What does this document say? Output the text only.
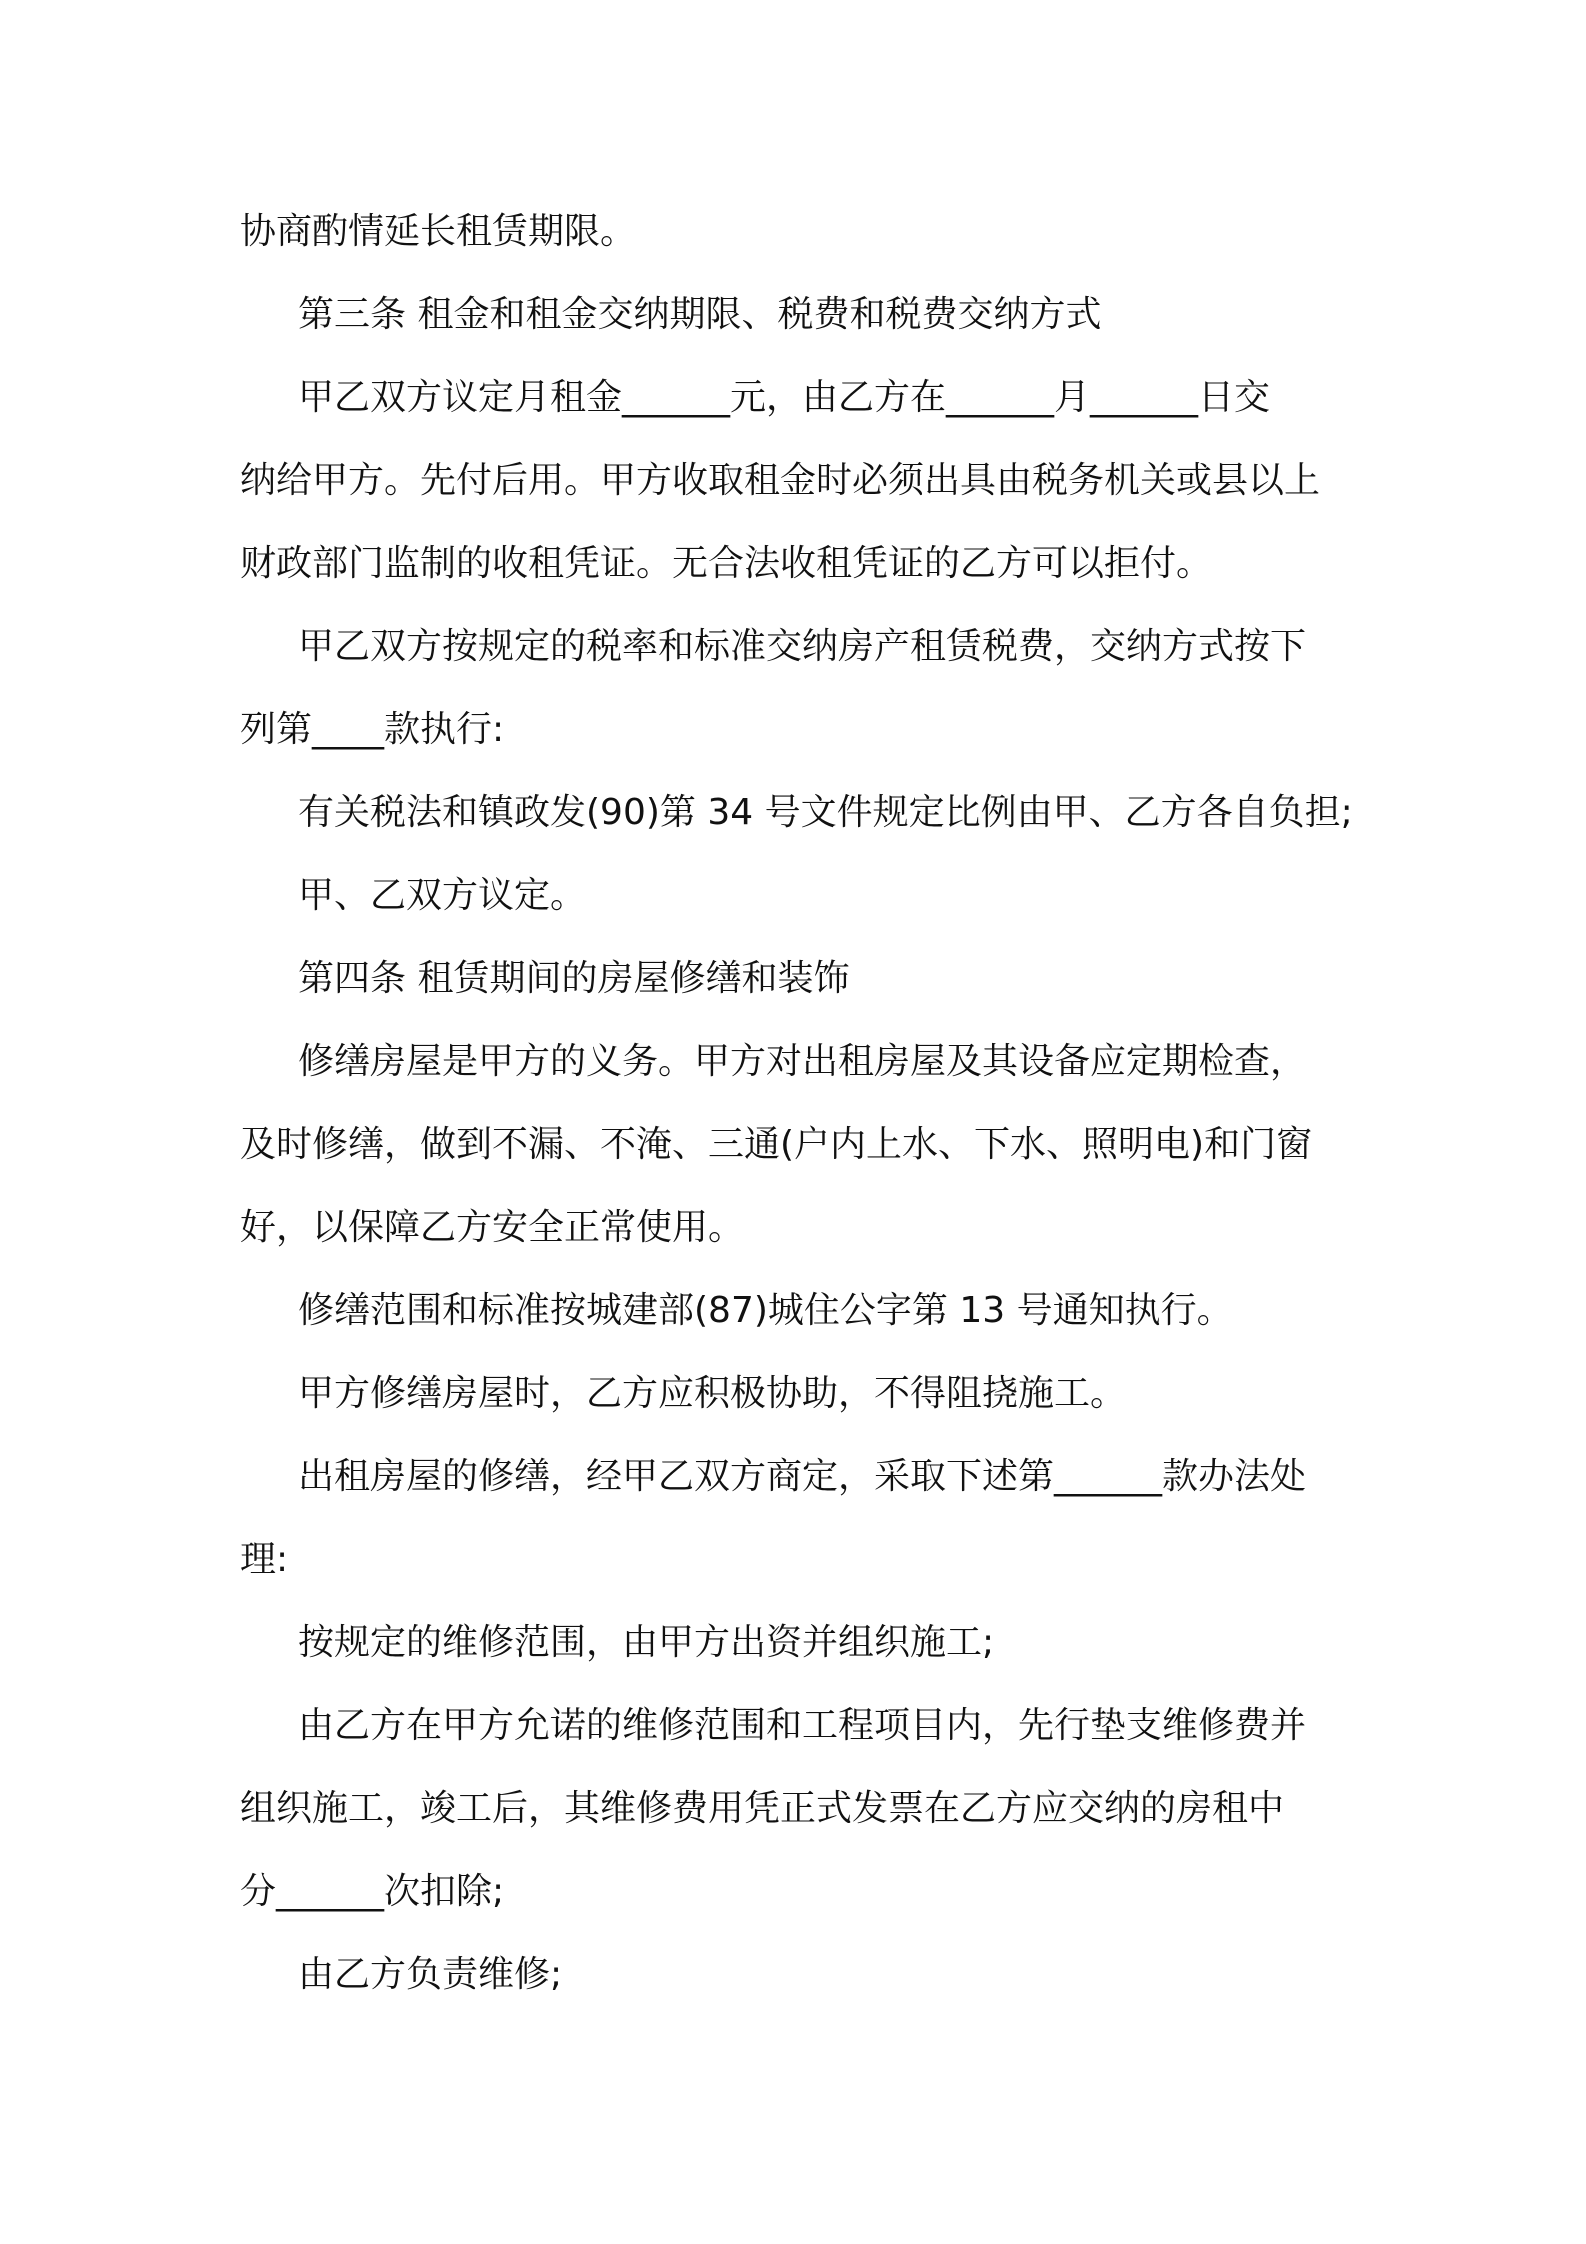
协商酌情延长租赁期限。

第三条 租金和租金交纳期限、税费和税费交纳方式

甲乙双方议定月租金______元，由乙方在______月______日交

纳给甲方。先付后用。甲方收取租金时必须出具由税务机关或县以上

财政部门监制的收租凭证。无合法收租凭证的乙方可以拒付。

甲乙双方按规定的税率和标准交纳房产租赁税费，交纳方式按下

列第____款执行:

有关税法和镇政发(90)第 34 号文件规定比例由甲、乙方各自负担;

甲、乙双方议定。

第四条 租赁期间的房屋修缮和装饰

修缮房屋是甲方的义务。甲方对出租房屋及其设备应定期检查，

及时修缮，做到不漏、不淹、三通(户内上水、下水、照明电)和门窗

好，以保障乙方安全正常使用。

修缮范围和标准按城建部(87)城住公字第 13 号通知执行。

甲方修缮房屋时，乙方应积极协助，不得阻挠施工。

出租房屋的修缮，经甲乙双方商定，采取下述第______款办法处

理:

按规定的维修范围，由甲方出资并组织施工;

由乙方在甲方允诺的维修范围和工程项目内，先行垫支维修费并

组织施工，竣工后，其维修费用凭正式发票在乙方应交纳的房租中

分______次扣除;

由乙方负责维修;
